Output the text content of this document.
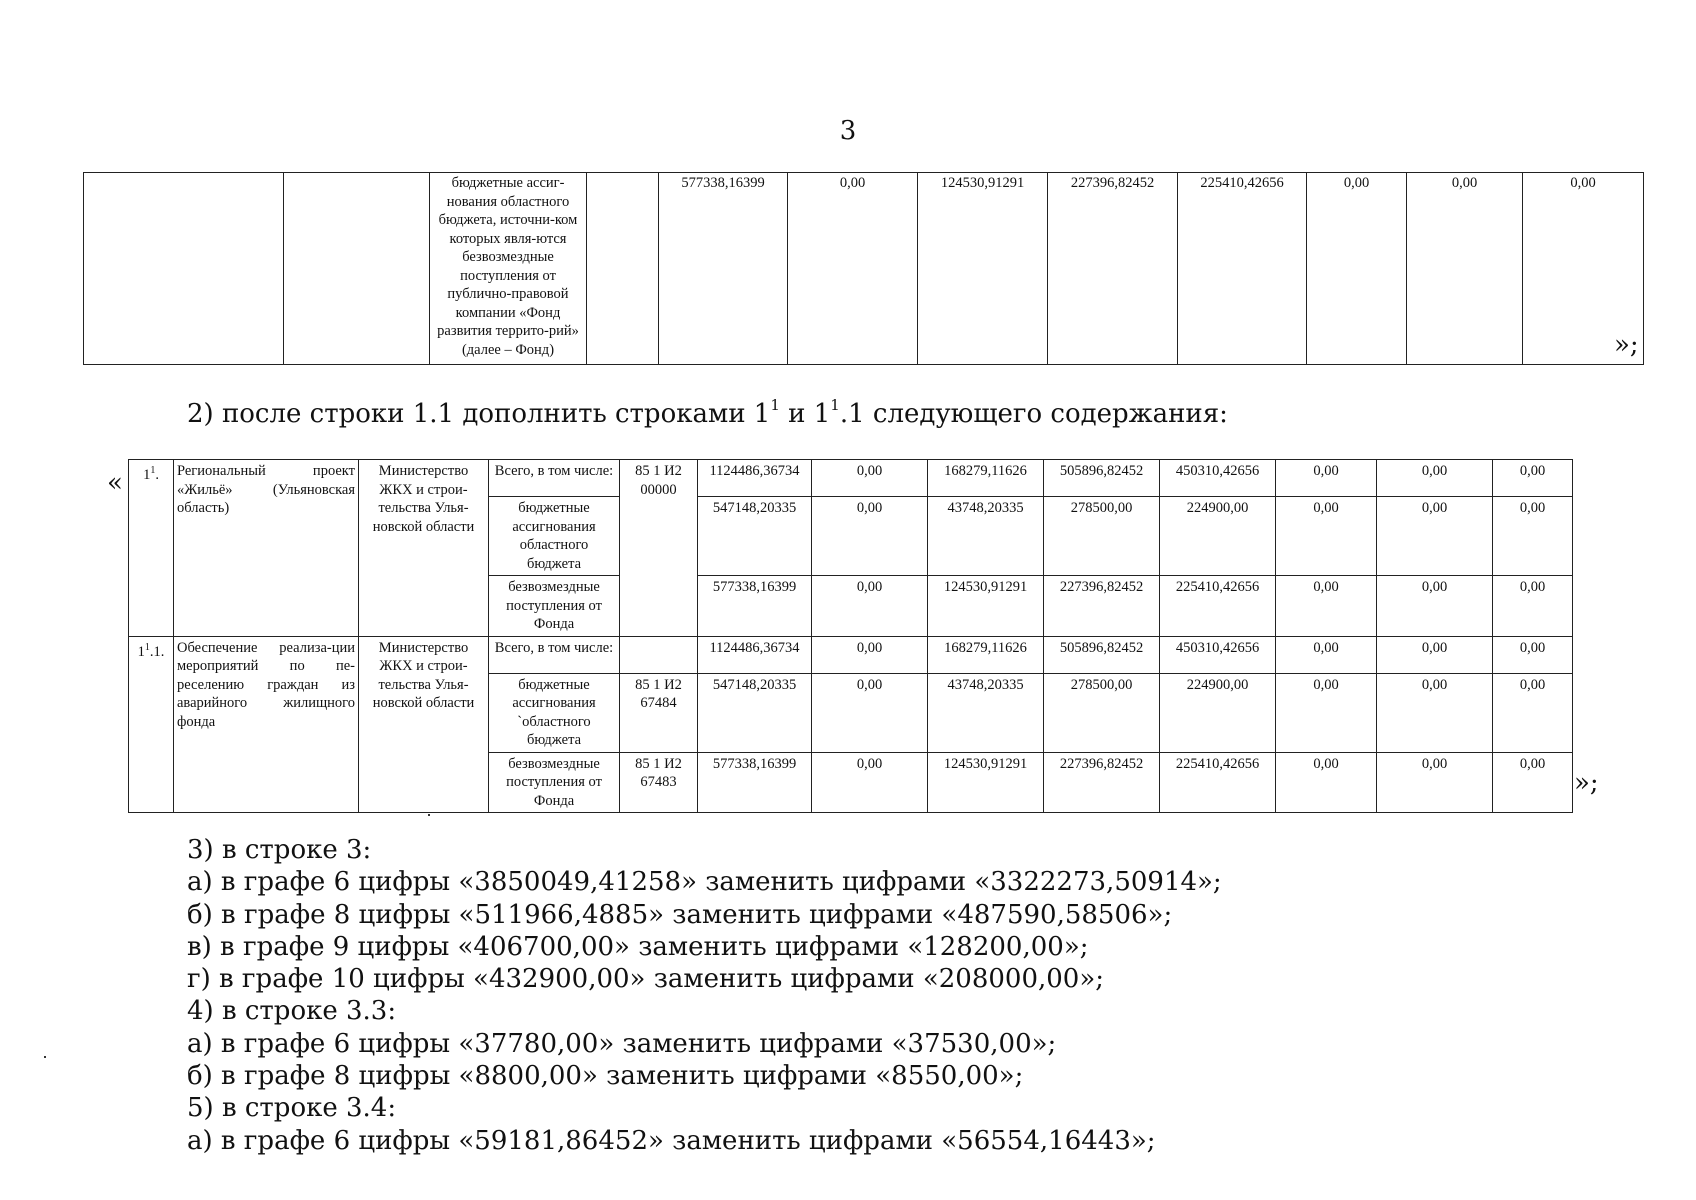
3
		бюджетные ассиг-нования областного бюджета, источни-ком которых явля-ются безвозмездные поступления от публично-правовой компании «Фонд развития террито-рий» (далее – Фонд)		577338,16399	0,00	124530,91291	227396,82452	225410,42656	0,00	0,00	0,00
»;
2) после строки 1.1 дополнить строками $1^1$ и $1^1.1$ следующего содержания:
« $1^1$.	Региональный проект «Жильё» (Ульяновская область)	Министерство ЖКХ и строи-тельства Улья-новской области	Всего, в том числе:	85 1 И2 00000	1124486,36734	0,00	168279,11626	505896,82452	450310,42656	0,00	0,00	0,00
			бюджетные ассигнования областного бюджета		547148,20335	0,00	43748,20335	278500,00	224900,00	0,00	0,00	0,00
			безвозмездные поступления от Фонда		577338,16399	0,00	124530,91291	227396,82452	225410,42656	0,00	0,00	0,00
$1^1.1$.	Обеспечение реализа-ции мероприятий по пе-реселению граждан из аварийного жилищного фонда	Министерство ЖКХ и строи-тельства Улья-новской области	Всего, в том числе:		1124486,36734	0,00	168279,11626	505896,82452	450310,42656	0,00	0,00	0,00
			бюджетные ассигнования `областного бюджета	85 1 И2 67484	547148,20335	0,00	43748,20335	278500,00	224900,00	0,00	0,00	0,00
			безвозмездные поступления от Фонда	85 1 И2 67483	577338,16399	0,00	124530,91291	227396,82452	225410,42656	0,00	0,00	0,00
»;
3) в строке 3:
а) в графе 6 цифры «3850049,41258» заменить цифрами «3322273,50914»;
б) в графе 8 цифры «511966,4885» заменить цифрами «487590,58506»;
в) в графе 9 цифры «406700,00» заменить цифрами «128200,00»;
г) в графе 10 цифры «432900,00» заменить цифрами «208000,00»;
4) в строке 3.3:
а) в графе 6 цифры «37780,00» заменить цифрами «37530,00»;
б) в графе 8 цифры «8800,00» заменить цифрами «8550,00»;
5) в строке 3.4:
а) в графе 6 цифры «59181,86452» заменить цифрами «56554,16443»;
